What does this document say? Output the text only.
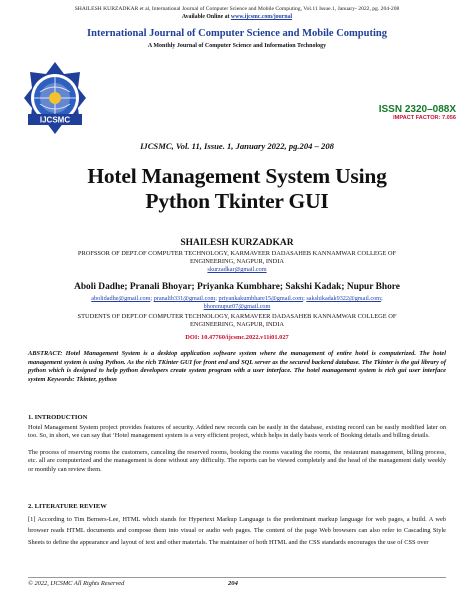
SHAILESH KURZADKAR et al, International Journal of Computer Science and Mobile Computing, Vol.11 Issue.1, January- 2022, pg. 204-208
Available Online at www.ijcsmc.com/journal
International Journal of Computer Science and Mobile Computing
A Monthly Journal of Computer Science and Information Technology
IJCSMC
ISSN 2320–088X
IMPACT FACTOR: 7.056
IJCSMC, Vol. 11, Issue. 1, January 2022, pg.204 – 208
Hotel Management System Using
Python Tkinter GUI
SHAILESH KURZADKAR
PROFSSOR OF DEPT.OF COMPUTER TECHNOLOGY, KARMAVEER DADASAHEB KANNAMWAR COLLEGE OF
ENGINEERING, NAGPUR, INDIA
skurzadkar@gmail.com
Aboli Dadhe; Pranali Bhoyar; Priyanka Kumbhare; Sakshi Kadak; Nupur Bhore
abolidadhe@gmail.com; pranalib331@gmail.com; priyankakumbhare15@gmail.com; sakshikadak9322@gmail.com;
bhorenupur07@gmail.com
STUDENTS OF DEPT.OF COMPUTER TECHNOLOGY, KARMAVEER DADASAHEB KANNAMWAR COLLEGE OF
ENGINEERING, NAGPUR, INDIA
DOI: 10.47760/ijcsmc.2022.v11i01.027
ABSTRACT: Hotel Management System is a desktop application software system where the management of entire hotel is computerized. The hotel management system is using Python. As the rich TKinter GUI for front end and SQL server as the secured backend database. The Tkinter is the gui library of python which is designed to help python developers create system program with a user interface. The hotel management system is rich gui user interface system Keywords: Tkinter, python
1. INTRODUCTION
Hotel Management System project provides features of security. Added new records can be easily in the database, existing record can be easily modified later on too. So, in short, we can say that ‘Hotel management system is a very efficient project, which helps in daily basis work of Booking details and billing details.
The process of reserving rooms the customers, canceling the reserved rooms, booking the rooms vacating the rooms, the restaurant management, billing process, etc. all are computerized and the management is done without any difficulty. The reports can be viewed completely and the head of the management daily weekly or monthly can review them.
2. LITERATURE REVIEW
[1] According to Tim Berners-Lee, HTML which stands for Hypertext Markup Language is the predominant markup language for web pages, a build. A web browser reads HTML documents and compose them into visual or audio web pages. The content of the page Web browsers can also refer to Cascading Style Sheets to define the appearance and layout of text and other materials. The maintainer of both HTML and the CSS standards encourages the use of CSS over
© 2022, IJCSMC All Rights Reserved	204
